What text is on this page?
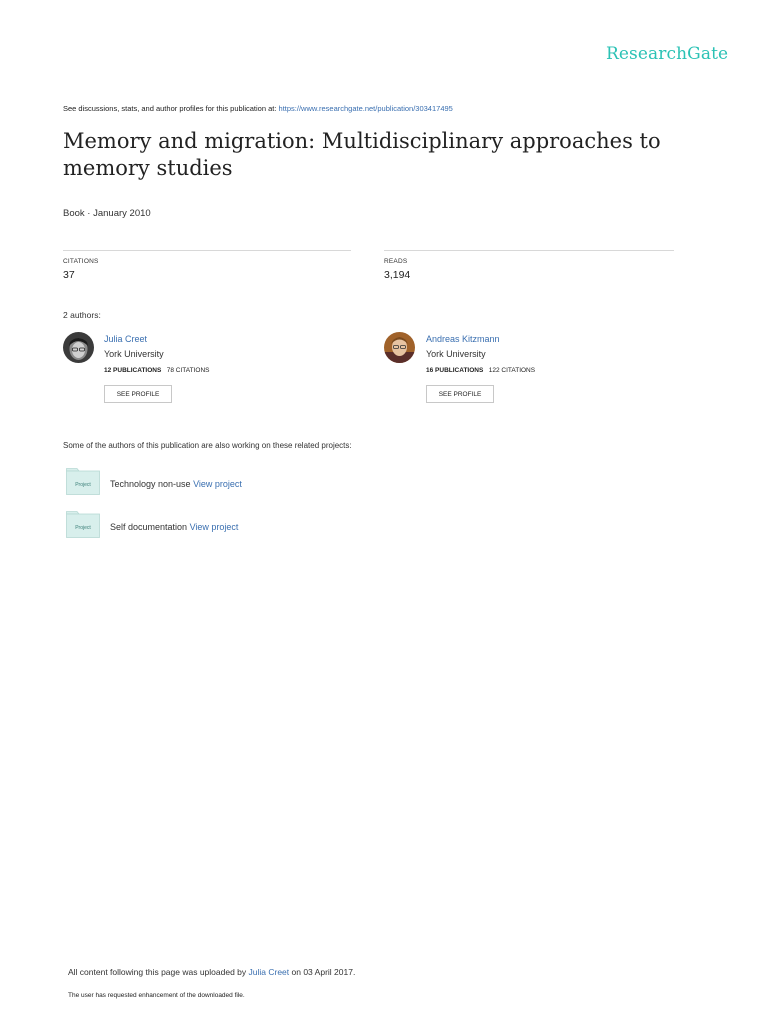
ResearchGate
See discussions, stats, and author profiles for this publication at: https://www.researchgate.net/publication/303417495
Memory and migration: Multidisciplinary approaches to memory studies
Book · January 2010
CITATIONS
37
READS
3,194
2 authors:
Julia Creet
York University
12 PUBLICATIONS 78 CITATIONS
SEE PROFILE
Andreas Kitzmann
York University
16 PUBLICATIONS 122 CITATIONS
SEE PROFILE
Some of the authors of this publication are also working on these related projects:
Project Technology non-use View project
Project Self documentation View project
All content following this page was uploaded by Julia Creet on 03 April 2017.
The user has requested enhancement of the downloaded file.
